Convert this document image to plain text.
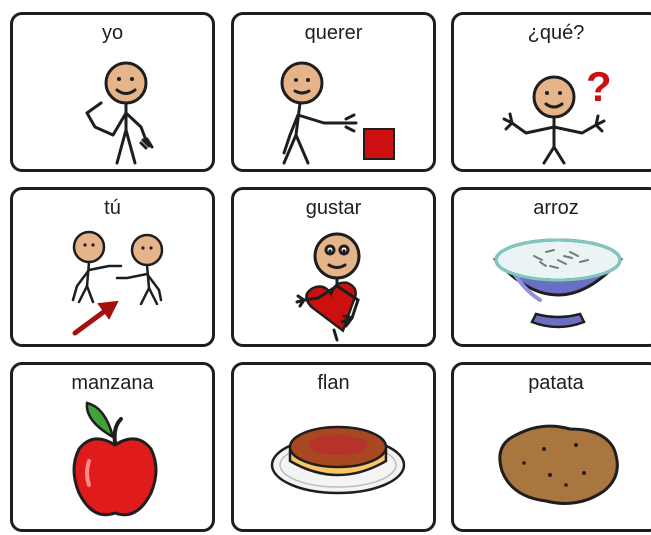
yo	querer	¿qué?
?
tú	gustar	arroz
manzana	flan	patata
